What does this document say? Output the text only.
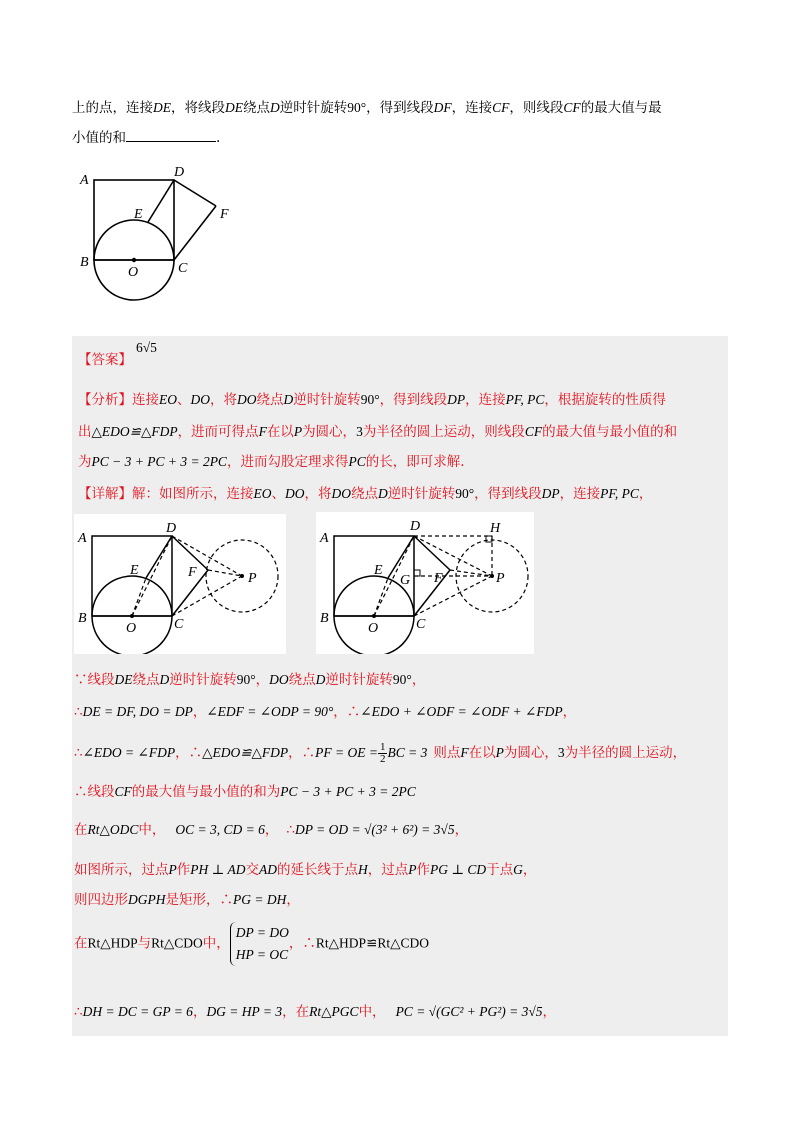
上的点，连接DE，将线段DE绕点D逆时针旋转90°，得到线段DF，连接CF，则线段CF的最大值与最
小值的和	.
A
D
E	F
B
O	C
【答案】6√5
【分析】连接EO、DO，将DO绕点D逆时针旋转90°，得到线段DP，连接PF, PC，根据旋转的性质得
出△EDO≌△FDP，进而可得点F在以P为圆心，3为半径的圆上运动，则线段CF的最大值与最小值的和
为PC − 3 + PC + 3 = 2PC，进而勾股定理求得PC的长，即可求解.
【详解】解：如图所示，连接EO、DO，将DO绕点D逆时针旋转90°，得到线段DP，连接PF, PC，
A
D
E	F	P
B
O	C
A
D	H
E
G F	P
B
O	C
∵线段DE绕点D逆时针旋转90°，DO绕点D逆时针旋转90°，
∴DE = DF, DO = DP，∠EDF = ∠ODP = 90°，∴∠EDO + ∠ODF = ∠ODF + ∠FDP，
∴∠EDO = ∠FDP，∴△EDO≌△FDP，∴PF = OE = $\frac{1}{2}$ BC = 3 则点F在以P为圆心，3为半径的圆上运动，
∴线段CF的最大值与最小值的和为PC − 3 + PC + 3 = 2PC
在Rt△ODC中， OC = 3, CD = 6， ∴DP = OD = √(3² + 6²) = 3√5，
如图所示，过点P作PH ⊥ AD交AD的延长线于点H，过点P作PG ⊥ CD于点G，
则四边形DGPH是矩形，∴PG = DH，
在Rt△HDP与Rt△CDO中，
DP = DO
HP = OC
，∴Rt△HDP≌Rt△CDO
∴DH = DC = GP = 6，DG = HP = 3，在Rt△PGC中， PC = √(GC² + PG²) = 3√5，
